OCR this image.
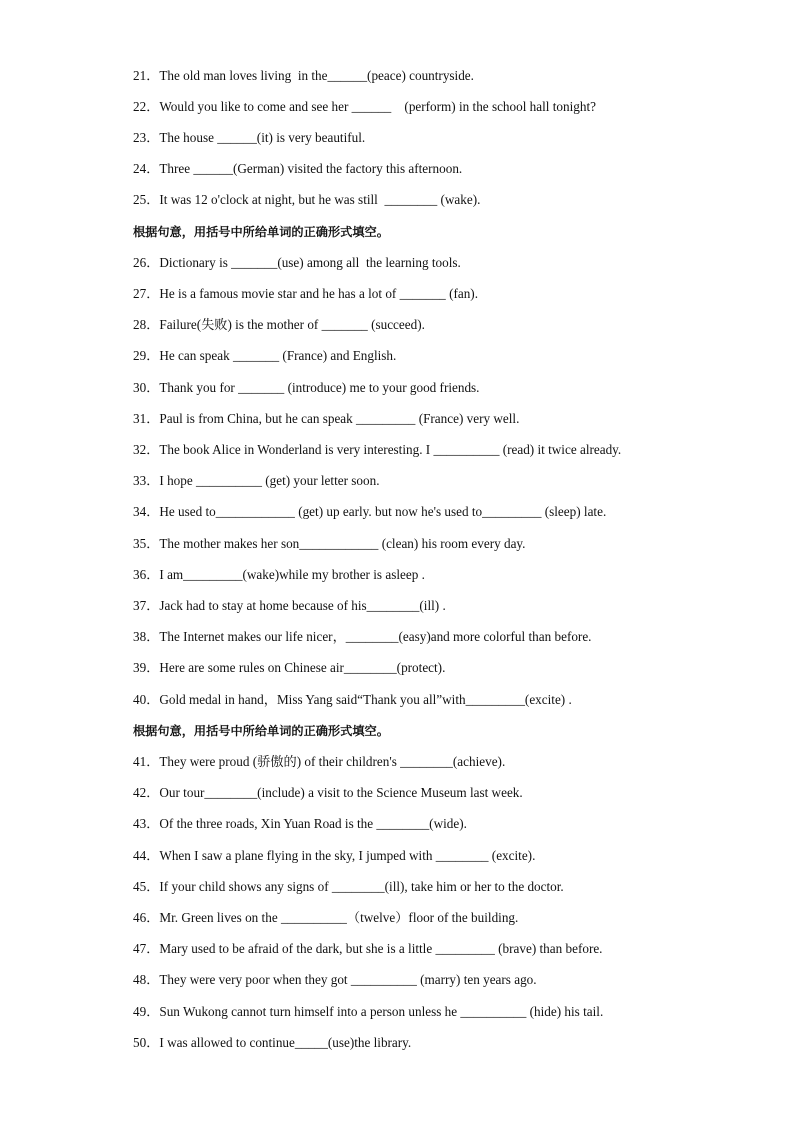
21．The old man loves living  in the______(peace) countryside.
22．Would you like to come and see her ______    (perform) in the school hall tonight?
23．The house ______(it) is very beautiful.
24．Three ______(German) visited the factory this afternoon.
25．It was 12 o'clock at night, but he was still  ________ (wake).
根据句意，用括号中所给单词的正确形式填空。
26．Dictionary is _______(use) among all  the learning tools.
27．He is a famous movie star and he has a lot of _______ (fan).
28．Failure(失败) is the mother of _______ (succeed).
29．He can speak _______ (France) and English.
30．Thank you for _______ (introduce) me to your good friends.
31．Paul is from China, but he can speak _________ (France) very well.
32．The book Alice in Wonderland is very interesting. I __________ (read) it twice already.
33．I hope __________ (get) your letter soon.
34．He used to____________ (get) up early. but now he's used to_________ (sleep) late.
35．The mother makes her son____________ (clean) his room every day.
36．I am_________(wake)while my brother is asleep .
37．Jack had to stay at home because of his________(ill) .
38．The Internet makes our life nicer，________(easy)and more colorful than before.
39．Here are some rules on Chinese air________(protect).
40．Gold medal in hand，Miss Yang said“Thank you all”with_________(excite) .
根据句意，用括号中所给单词的正确形式填空。
41．They were proud (骄傲的) of their children's ________(achieve).
42．Our tour________(include) a visit to the Science Museum last week.
43．Of the three roads, Xin Yuan Road is the ________(wide).
44．When I saw a plane flying in the sky, I jumped with ________ (excite).
45．If your child shows any signs of ________(ill), take him or her to the doctor.
46．Mr. Green lives on the __________（twelve）floor of the building.
47．Mary used to be afraid of the dark, but she is a little _________ (brave) than before.
48．They were very poor when they got __________ (marry) ten years ago.
49．Sun Wukong cannot turn himself into a person unless he __________ (hide) his tail.
50．I was allowed to continue_____(use)the library.
